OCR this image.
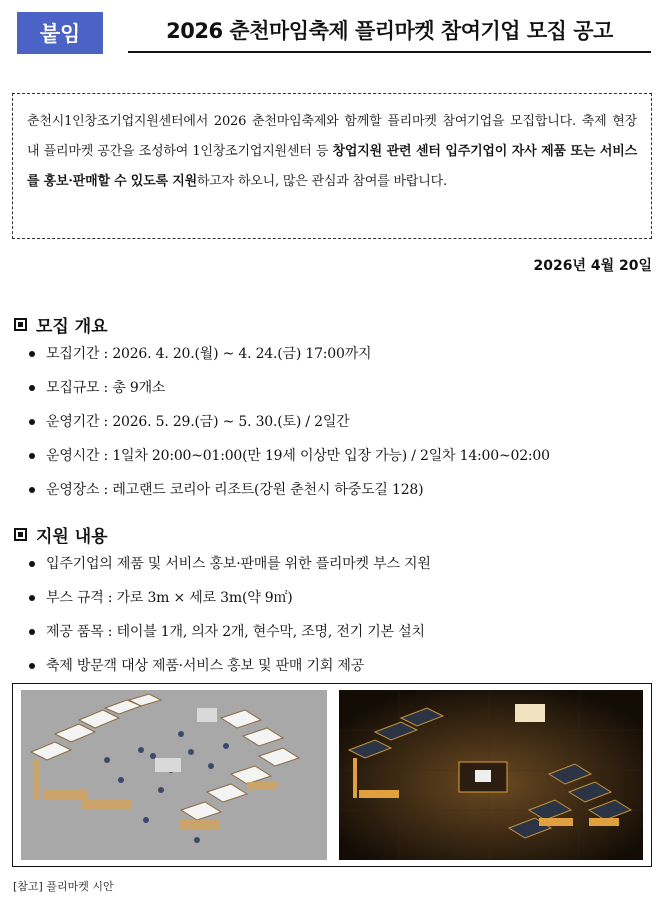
붙임	2026 춘천마임축제 플리마켓 참여기업 모집 공고

춘천시1인창조기업지원센터에서 2026 춘천마임축제와 함께할 플리마켓 참여기업을 모집합니다. 축제 현장 내 플리마켓 공간을 조성하여 1인창조기업지원센터 등 창업지원 관련 센터 입주기업이 자사 제품 또는 서비스를 홍보·판매할 수 있도록 지원하고자 하오니, 많은 관심과 참여를 바랍니다.

2026년 4월 20일
모집 개요
모집기간 : 2026. 4. 20.(월) ~ 4. 24.(금) 17:00까지
모집규모 : 총 9개소
운영기간 : 2026. 5. 29.(금) ~ 5. 30.(토) / 2일간
운영시간 : 1일차 20:00~01:00(만 19세 이상만 입장 가능) / 2일차 14:00~02:00
운영장소 : 레고랜드 코리아 리조트(강원 춘천시 하중도길 128)
지원 내용
입주기업의 제품 및 서비스 홍보·판매를 위한 플리마켓 부스 지원
부스 규격 : 가로 3m × 세로 3m(약 9㎡)
제공 품목 : 테이블 1개, 의자 2개, 현수막, 조명, 전기 기본 설치
축제 방문객 대상 제품·서비스 홍보 및 판매 기회 제공
[참고] 플리마켓 시안
